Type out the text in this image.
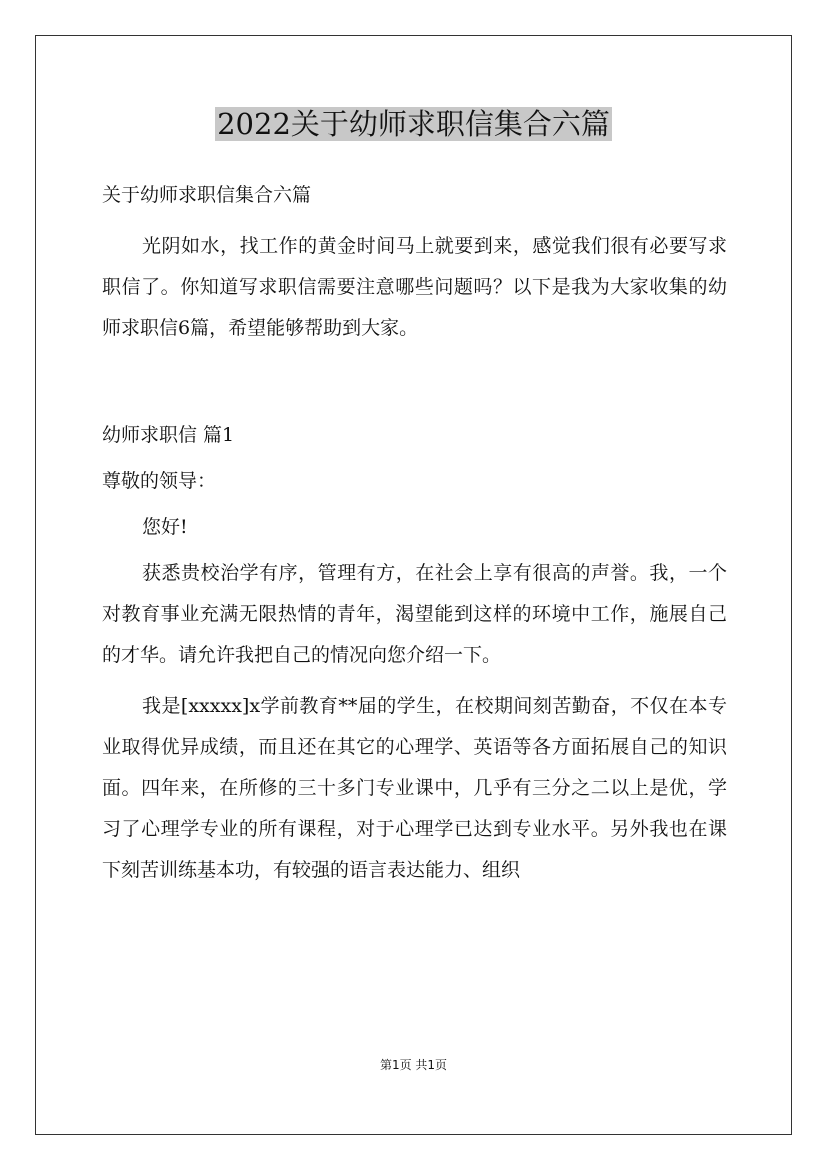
2022关于幼师求职信集合六篇

关于幼师求职信集合六篇

光阴如水，找工作的黄金时间马上就要到来，感觉我们很有必要写求职信了。你知道写求职信需要注意哪些问题吗？以下是我为大家收集的幼师求职信6篇，希望能够帮助到大家。

幼师求职信 篇1

尊敬的领导：

您好!

获悉贵校治学有序，管理有方，在社会上享有很高的声誉。我，一个对教育事业充满无限热情的青年，渴望能到这样的环境中工作，施展自己的才华。请允许我把自己的情况向您介绍一下。

我是[xxxxx]x学前教育**届的学生，在校期间刻苦勤奋，不仅在本专业取得优异成绩，而且还在其它的心理学、英语等各方面拓展自己的知识面。四年来，在所修的三十多门专业课中，几乎有三分之二以上是优，学习了心理学专业的所有课程，对于心理学已达到专业水平。另外我也在课下刻苦训练基本功，有较强的语言表达能力、组织

第1页 共1页
